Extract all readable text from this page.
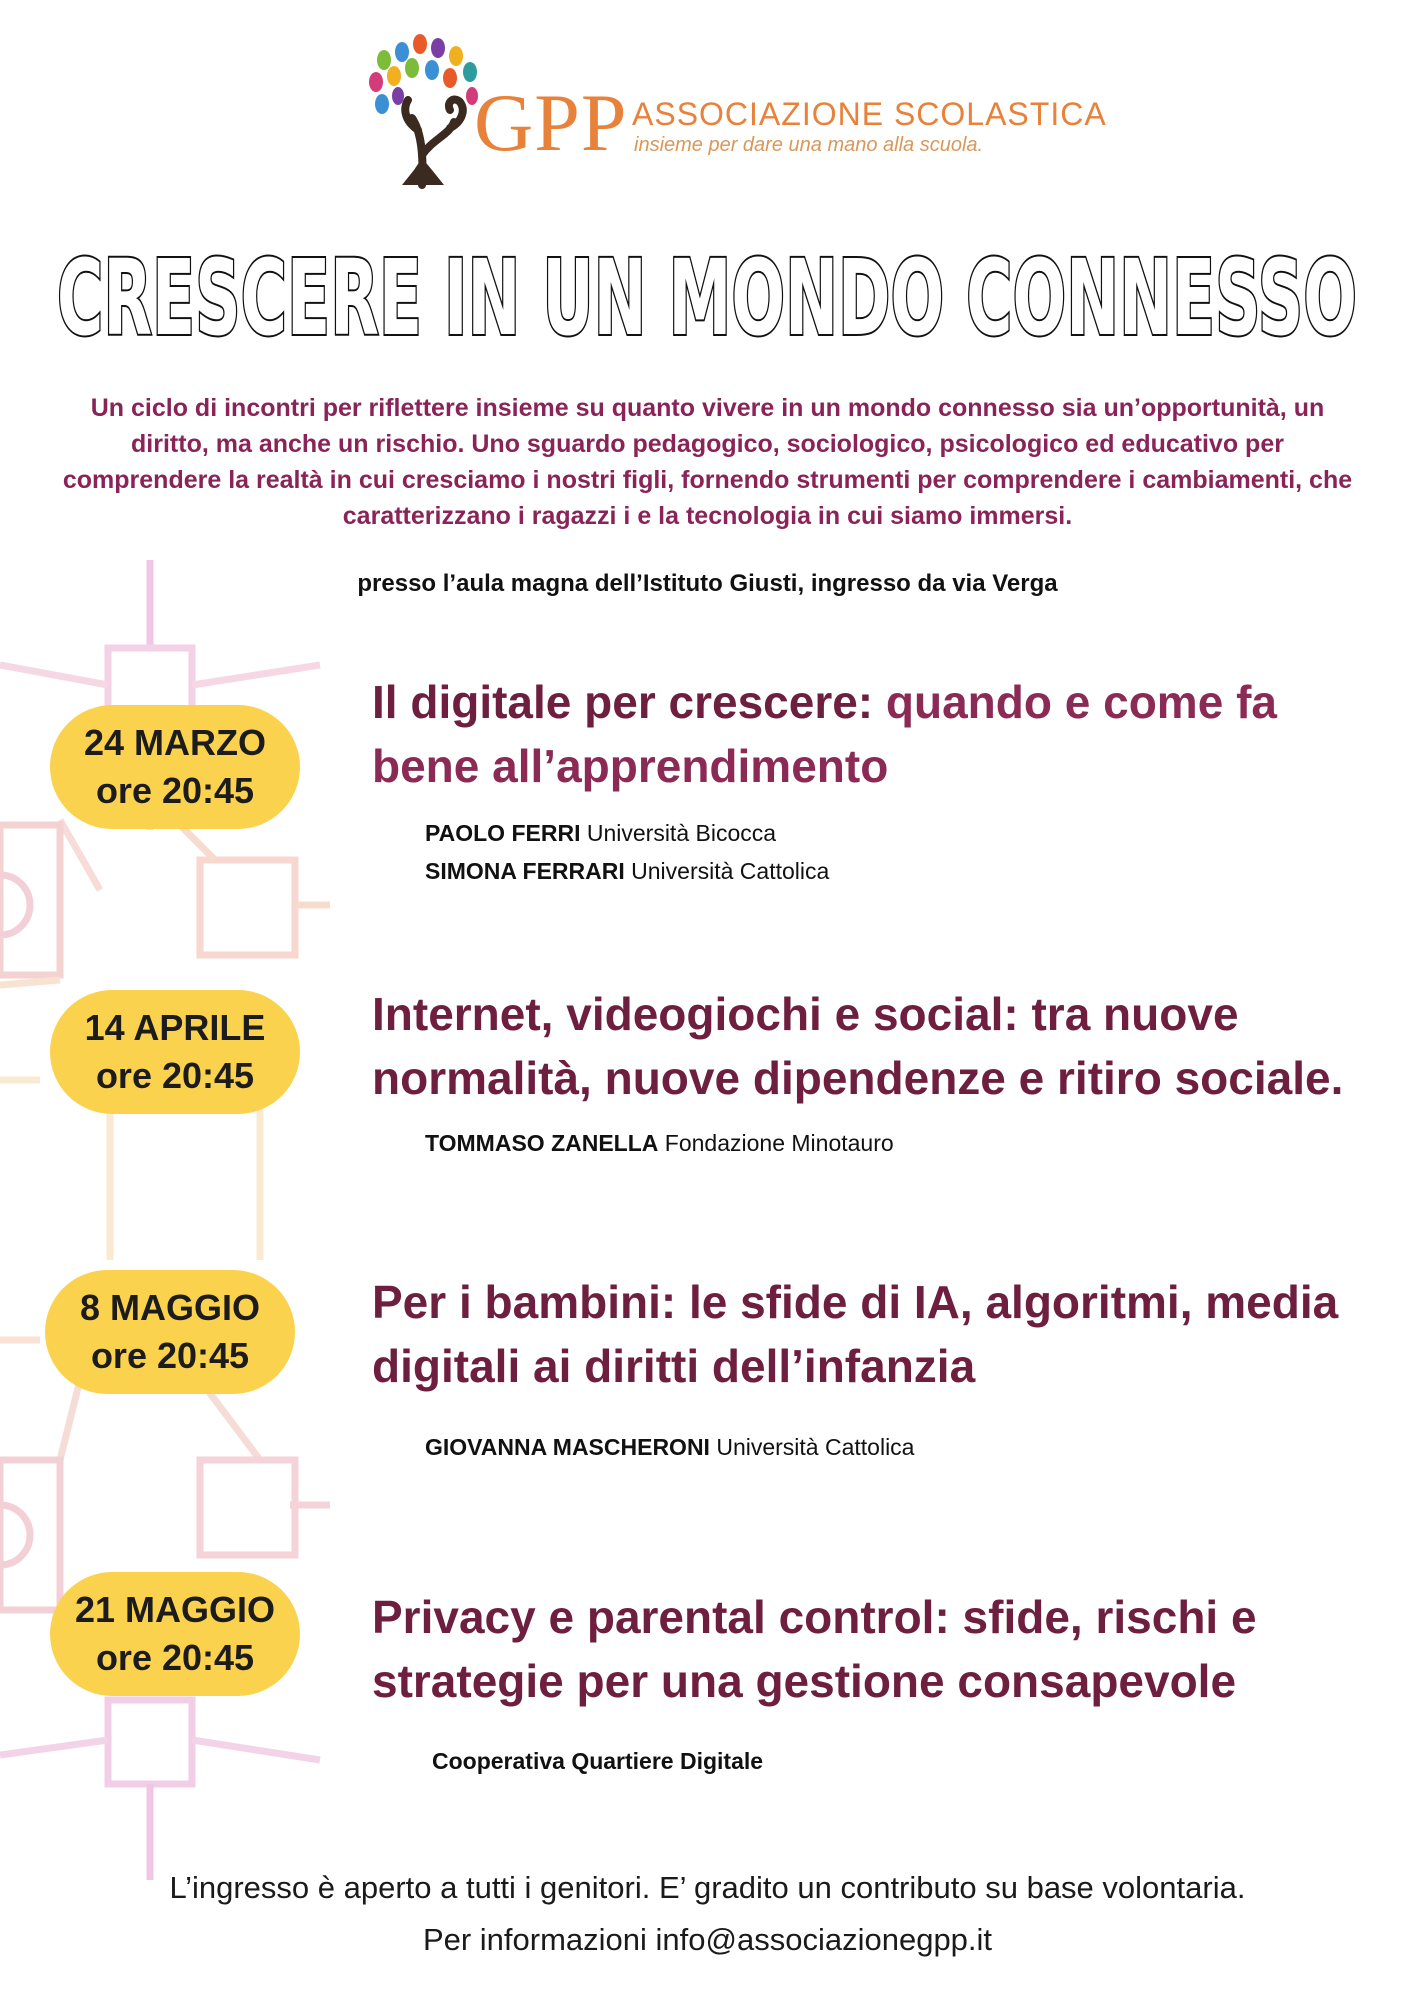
GPP ASSOCIAZIONE SCOLASTICA
insieme per dare una mano alla scuola.
CRESCERE IN UN MONDO CONNESSO
Un ciclo di incontri per riflettere insieme su quanto vivere in un mondo connesso sia un’opportunità, un diritto, ma anche un rischio. Uno sguardo pedagogico, sociologico, psicologico ed educativo per comprendere la realtà in cui cresciamo i nostri figli, fornendo strumenti per comprendere i cambiamenti, che caratterizzano i ragazzi i e la tecnologia in cui siamo immersi.
presso l’aula magna dell’Istituto Giusti, ingresso da via Verga
24 MARZO
ore 20:45
Il digitale per crescere: quando e come fa bene all’apprendimento
PAOLO FERRI Università Bicocca
SIMONA FERRARI Università Cattolica
14 APRILE
ore 20:45
Internet, videogiochi e social: tra nuove normalità, nuove dipendenze e ritiro sociale.
TOMMASO ZANELLA Fondazione Minotauro
8 MAGGIO
ore 20:45
Per i bambini: le sfide di IA, algoritmi, media digitali ai diritti dell’infanzia
GIOVANNA MASCHERONI Università Cattolica
21 MAGGIO
ore 20:45
Privacy e parental control: sfide, rischi e strategie per una gestione consapevole
Cooperativa Quartiere Digitale
L’ingresso è aperto a tutti i genitori. E’ gradito un contributo su base volontaria.
Per informazioni info@associazionegpp.it
